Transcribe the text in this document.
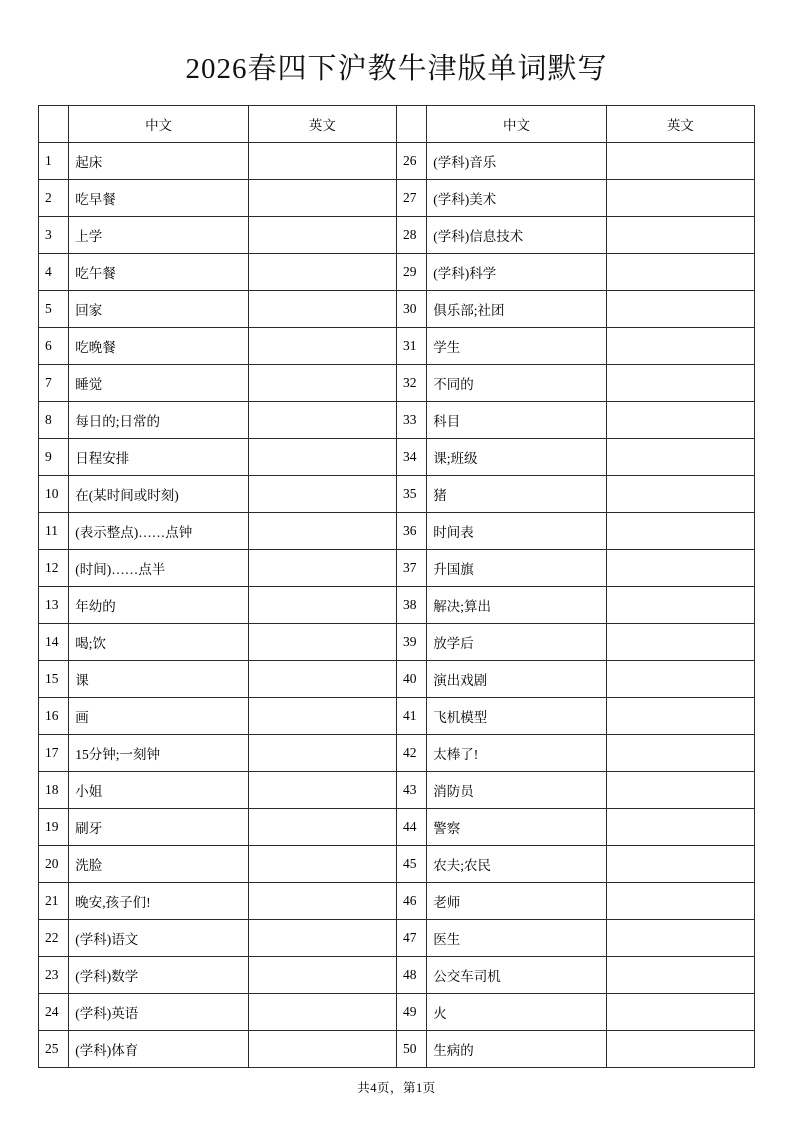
2026春四下沪教牛津版单词默写
	中文	英文		中文	英文
1	起床		26	(学科)音乐	
2	吃早餐		27	(学科)美术	
3	上学		28	(学科)信息技术	
4	吃午餐		29	(学科)科学	
5	回家		30	俱乐部;社团	
6	吃晚餐		31	学生	
7	睡觉		32	不同的	
8	每日的;日常的		33	科目	
9	日程安排		34	课;班级	
10	在(某时间或时刻)		35	猪	
11	(表示整点)……点钟		36	时间表	
12	(时间)……点半		37	升国旗	
13	年幼的		38	解决;算出	
14	喝;饮		39	放学后	
15	课		40	演出戏剧	
16	画		41	飞机模型	
17	15分钟;一刻钟		42	太棒了!	
18	小姐		43	消防员	
19	刷牙		44	警察	
20	洗脸		45	农夫;农民	
21	晚安,孩子们!		46	老师	
22	(学科)语文		47	医生	
23	(学科)数学		48	公交车司机	
24	(学科)英语		49	火	
25	(学科)体育		50	生病的	
共4页，第1页
